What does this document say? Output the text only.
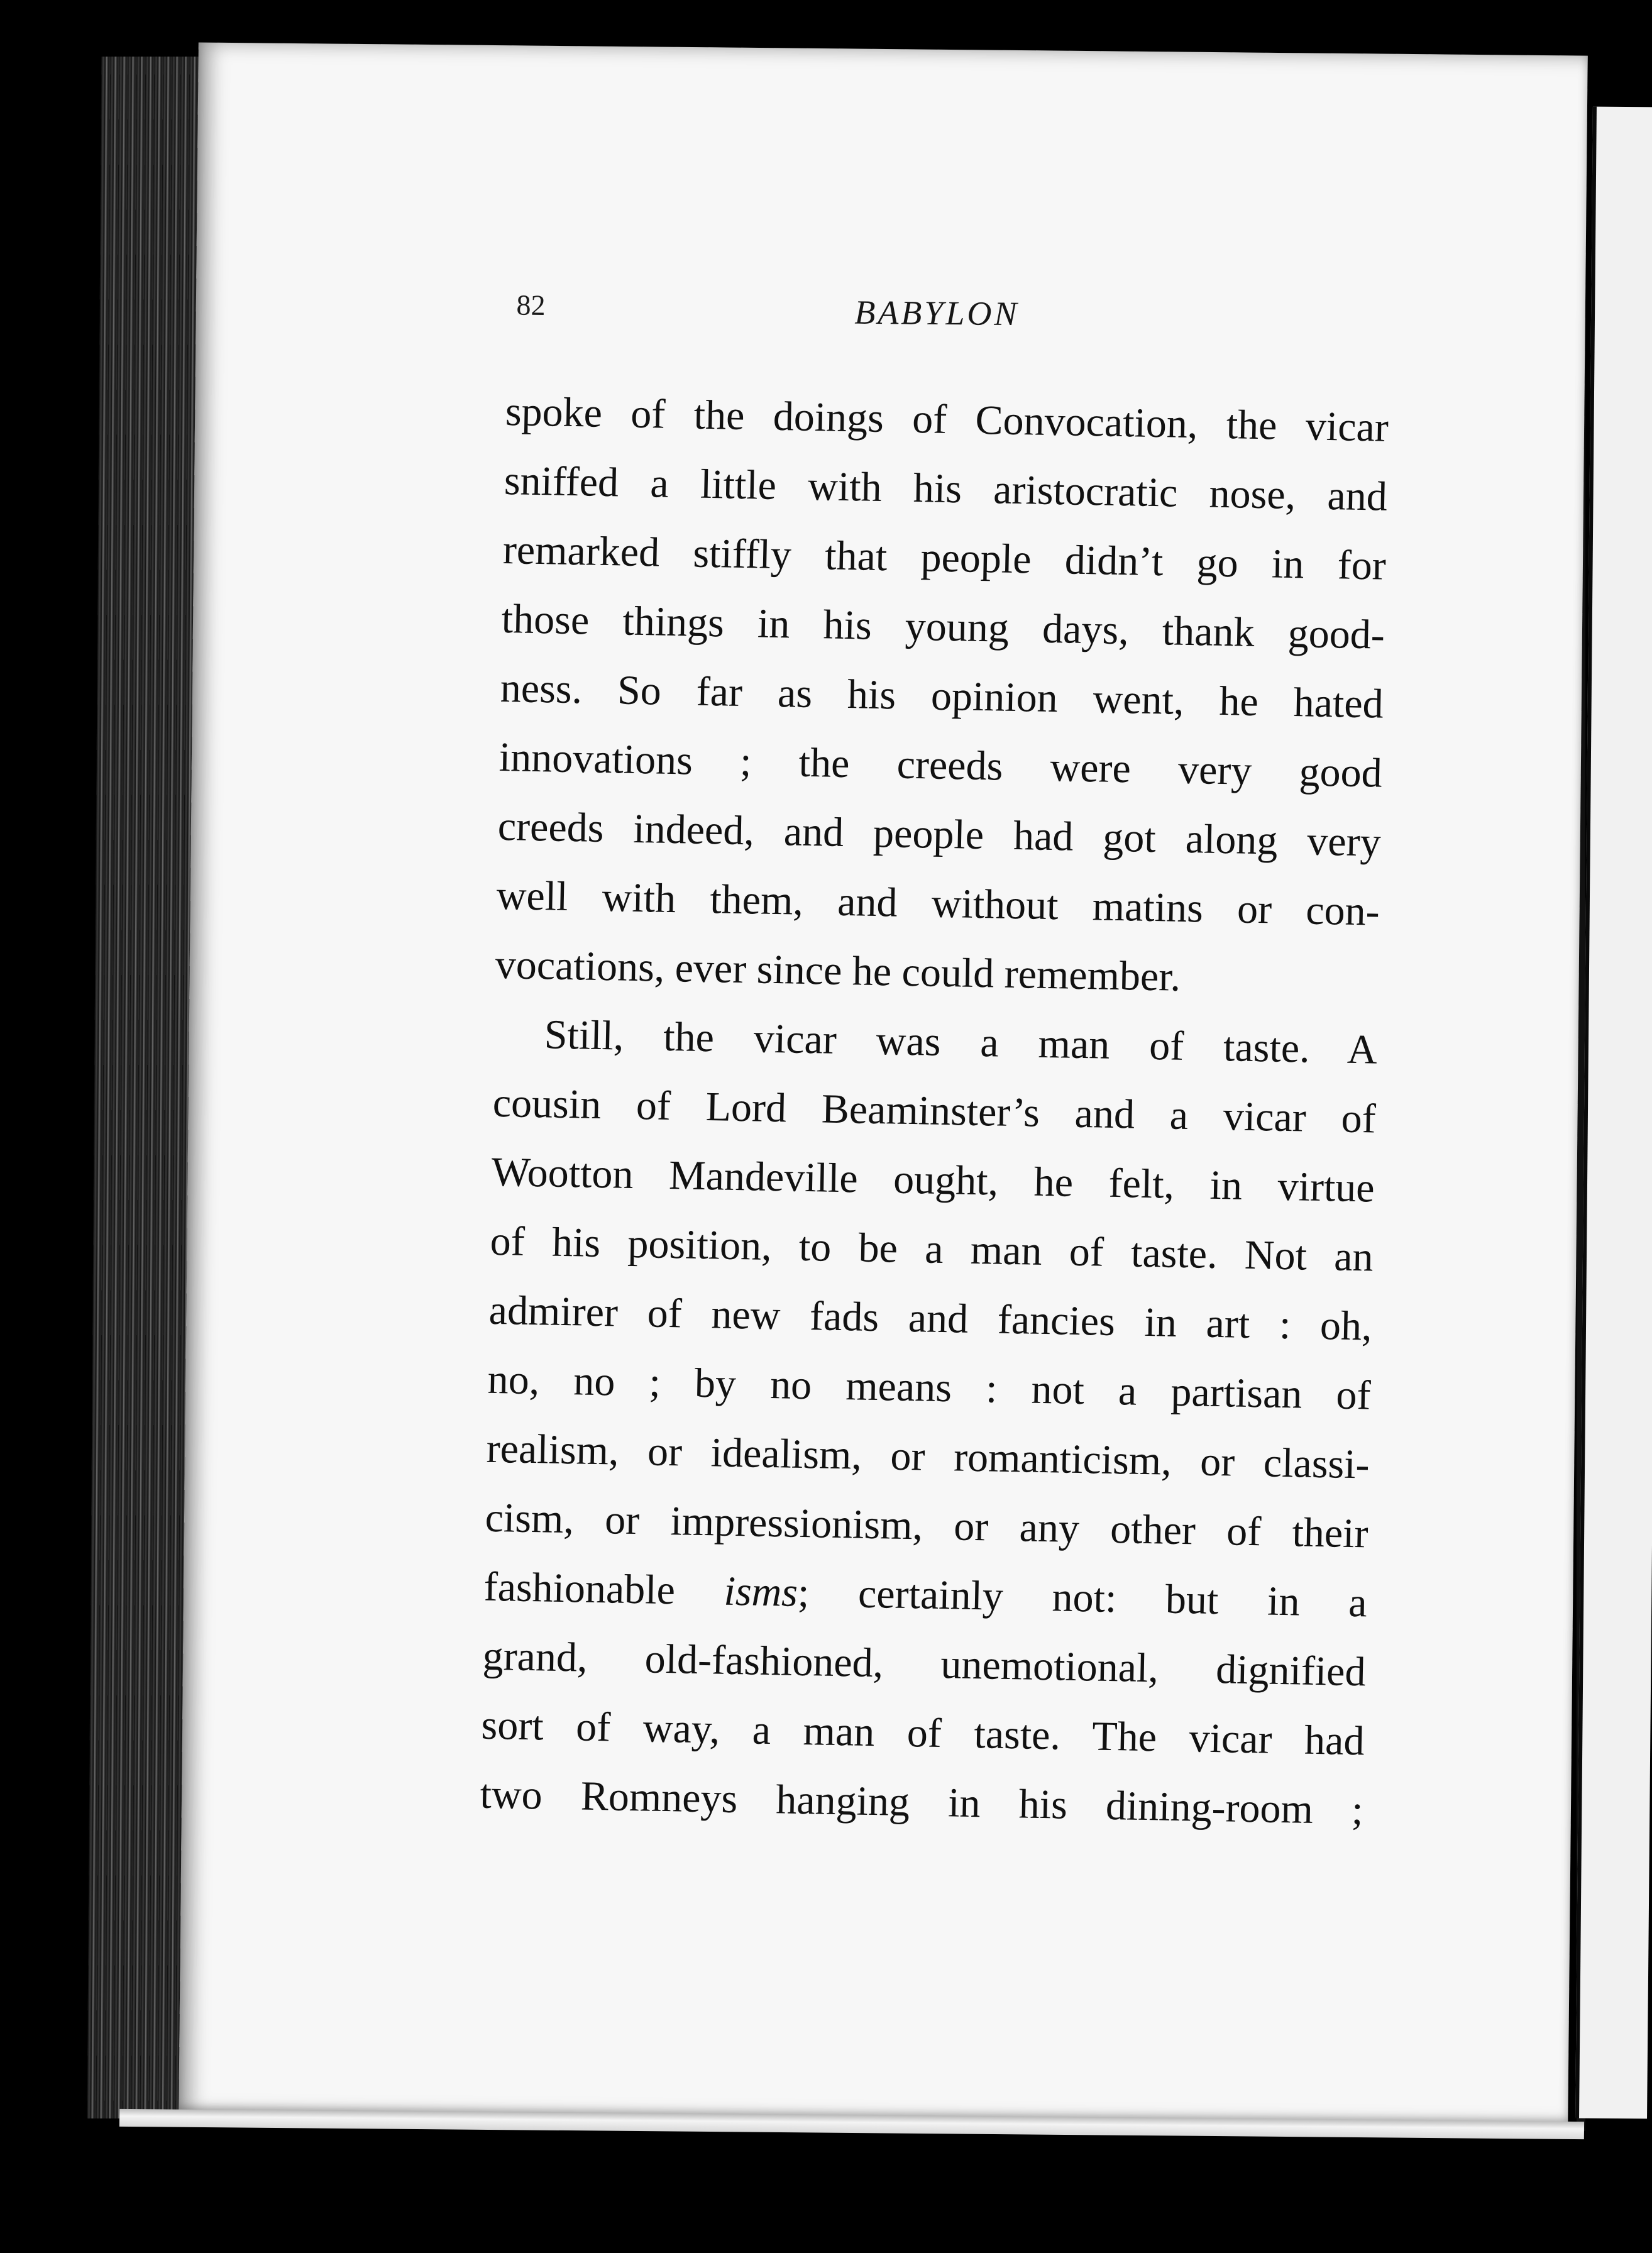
82	BABYLON
spoke of the doings of Convocation, the vicar
sniffed a little with his aristocratic nose, and
remarked stiffly that people didn’t go in for
those things in his young days, thank good-
ness. So far as his opinion went, he hated
innovations ; the creeds were very good
creeds indeed, and people had got along very
well with them, and without matins or con-
vocations, ever since he could remember.
Still, the vicar was a man of taste. A
cousin of Lord Beaminster’s and a vicar of
Wootton Mandeville ought, he felt, in virtue
of his position, to be a man of taste. Not an
admirer of new fads and fancies in art : oh,
no, no ; by no means : not a partisan of
realism, or idealism, or romanticism, or classi-
cism, or impressionism, or any other of their
fashionable isms; certainly not: but in a
grand, old-fashioned, unemotional, dignified
sort of way, a man of taste. The vicar had
two Romneys hanging in his dining-room ;
